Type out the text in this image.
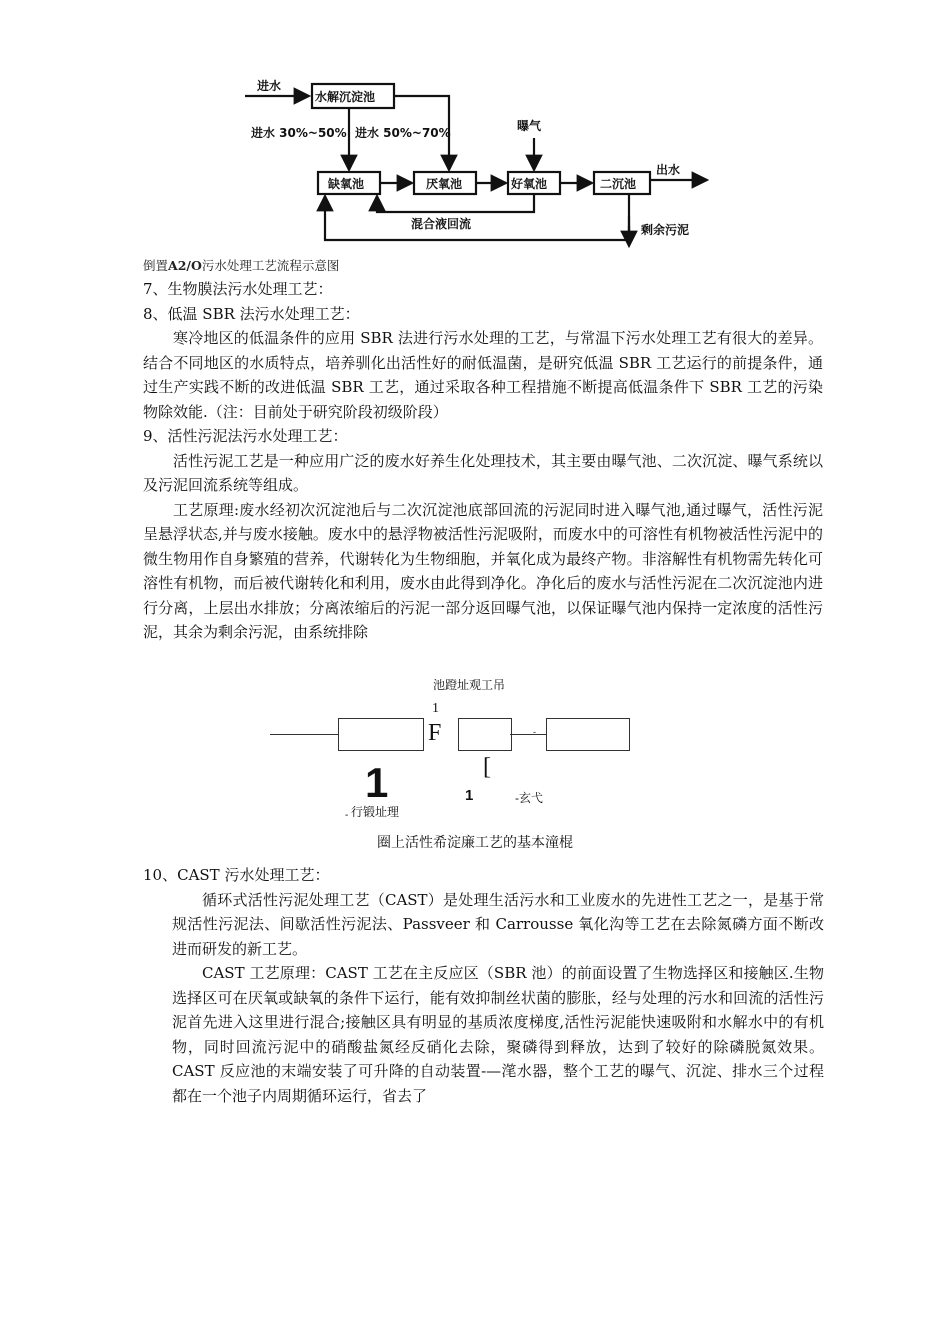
进水
水解沉淀池
进水 30%~50% 进水 50%~70%	曝气
缺氧池	厌氧池	好氧池	二沉池
出水
混合液回流	剩余污泥
倒置A2/O污水处理工艺流程示意图

7、生物膜法污水处理工艺：

8、低温 SBR 法污水处理工艺：

寒冷地区的低温条件的应用 SBR 法进行污水处理的工艺，与常温下污水处理工艺有很大的差异。结合不同地区的水质特点，培养驯化出活性好的耐低温菌，是研究低温 SBR 工艺运行的前提条件，通过生产实践不断的改进低温 SBR 工艺，通过采取各种工程措施不断提高低温条件下 SBR 工艺的污染物除效能.（注：目前处于研究阶段初级阶段）

9、活性污泥法污水处理工艺：

活性污泥工艺是一种应用广泛的废水好养生化处理技术，其主要由曝气池、二次沉淀、曝气系统以及污泥回流系统等组成。

工艺原理:废水经初次沉淀池后与二次沉淀池底部回流的污泥同时进入曝气池,通过曝气，活性污泥呈悬浮状态,并与废水接触。废水中的悬浮物被活性污泥吸附，而废水中的可溶性有机物被活性污泥中的微生物用作自身繁殖的营养，代谢转化为生物细胞，并氧化成为最终产物。非溶解性有机物需先转化可溶性有机物，而后被代谢转化和利用，废水由此得到净化。净化后的废水与活性污泥在二次沉淀池内进行分离，上层出水排放；分离浓缩后的污泥一部分返回曝气池，以保证曝气池内保持一定浓度的活性污泥，其余为剩余污泥，由系统排除

池蹬址观工吊
1
F	-
[
1
行锻址理
-
1	-玄弋
圈上活性希淀廉工艺的基本潼棍

10、CAST 污水处理工艺：

循环式活性污泥处理工艺（CAST）是处理生活污水和工业废水的先进性工艺之一，是基于常规活性污泥法、间歇活性污泥法、Passveer 和 Carrousse 氧化沟等工艺在去除氮磷方面不断改进而研发的新工艺。

CAST 工艺原理：CAST 工艺在主反应区（SBR 池）的前面设置了生物选择区和接触区.生物选择区可在厌氧或缺氧的条件下运行，能有效抑制丝状菌的膨胀，经与处理的污水和回流的活性污泥首先进入这里进行混合;接触区具有明显的基质浓度梯度,活性污泥能快速吸附和水解水中的有机物，同时回流污泥中的硝酸盐氮经反硝化去除，聚磷得到释放，达到了较好的除磷脱氮效果。CAST 反应池的末端安装了可升降的自动装置-—滗水器，整个工艺的曝气、沉淀、排水三个过程都在一个池子内周期循环运行，省去了
